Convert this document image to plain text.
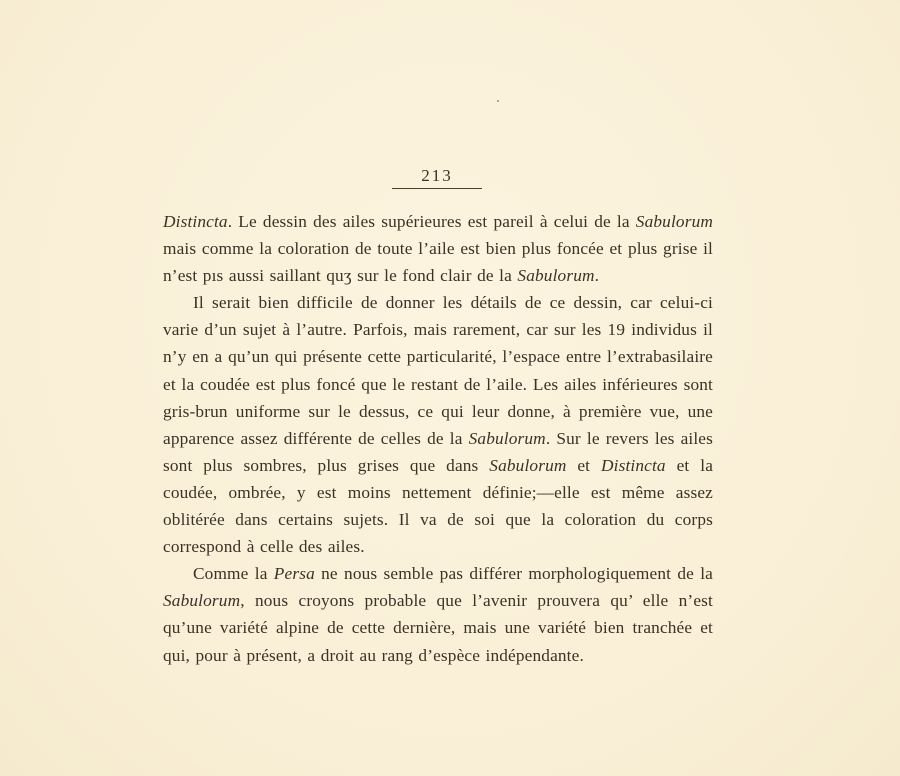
213

Distincta. Le dessin des ailes supérieures est pareil à celui de la Sabulorum mais comme la coloration de toute l’aile est bien plus foncée et plus grise il n’est pıs aussi saillant quʒ sur le fond clair de la Sabulorum.

Il serait bien difficile de donner les détails de ce dessin, car celui-ci varie d’un sujet à l’autre. Parfois, mais rarement, car sur les 19 individus il n’y en a qu’un qui présente cette particularité, l’espace entre l’extrabasilaire et la coudée est plus foncé que le restant de l’aile. Les ailes inférieures sont gris-brun uniforme sur le dessus, ce qui leur donne, à première vue, une apparence assez différente de celles de la Sabulorum. Sur le revers les ailes sont plus sombres, plus grises que dans Sabulorum et Distincta et la coudée, ombrée, y est moins nettement définie;—elle est même assez oblitérée dans certains sujets. Il va de soi que la coloration du corps correspond à celle des ailes.

Comme la Persa ne nous semble pas différer morphologiquement de la Sabulorum, nous croyons probable que l’avenir prouvera qu’ elle n’est qu’une variété alpine de cette dernière, mais une variété bien tranchée et qui, pour à présent, a droit au rang d’espèce indépendante.
